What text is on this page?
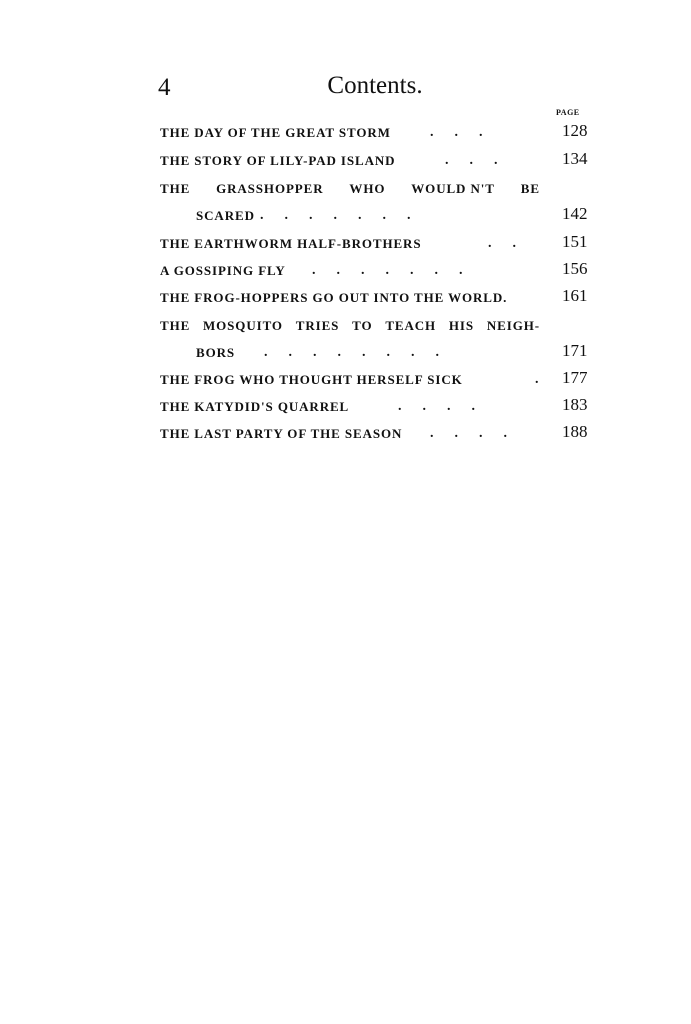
4	Contents.
PAGE
THE DAY OF THE GREAT STORM	.      .      .	128
THE STORY OF LILY-PAD ISLAND	.      .      .	134
THE GRASSHOPPER WHO WOULD N'T BE
SCARED .      .      .      .      .      .      .	142
THE EARTHWORM HALF-BROTHERS	.      .	151
A GOSSIPING FLY .      .      .      .      .      .      .	156
THE FROG-HOPPERS GO OUT INTO THE WORLD.	161
THE MOSQUITO TRIES TO TEACH HIS NEIGH-
BORS .      .      .      .      .      .      .      .	171
THE FROG WHO THOUGHT HERSELF SICK	. 177
THE KATYDID'S QUARREL	.      .      .      .	183
THE LAST PARTY OF THE SEASON .      .      .      .	188
